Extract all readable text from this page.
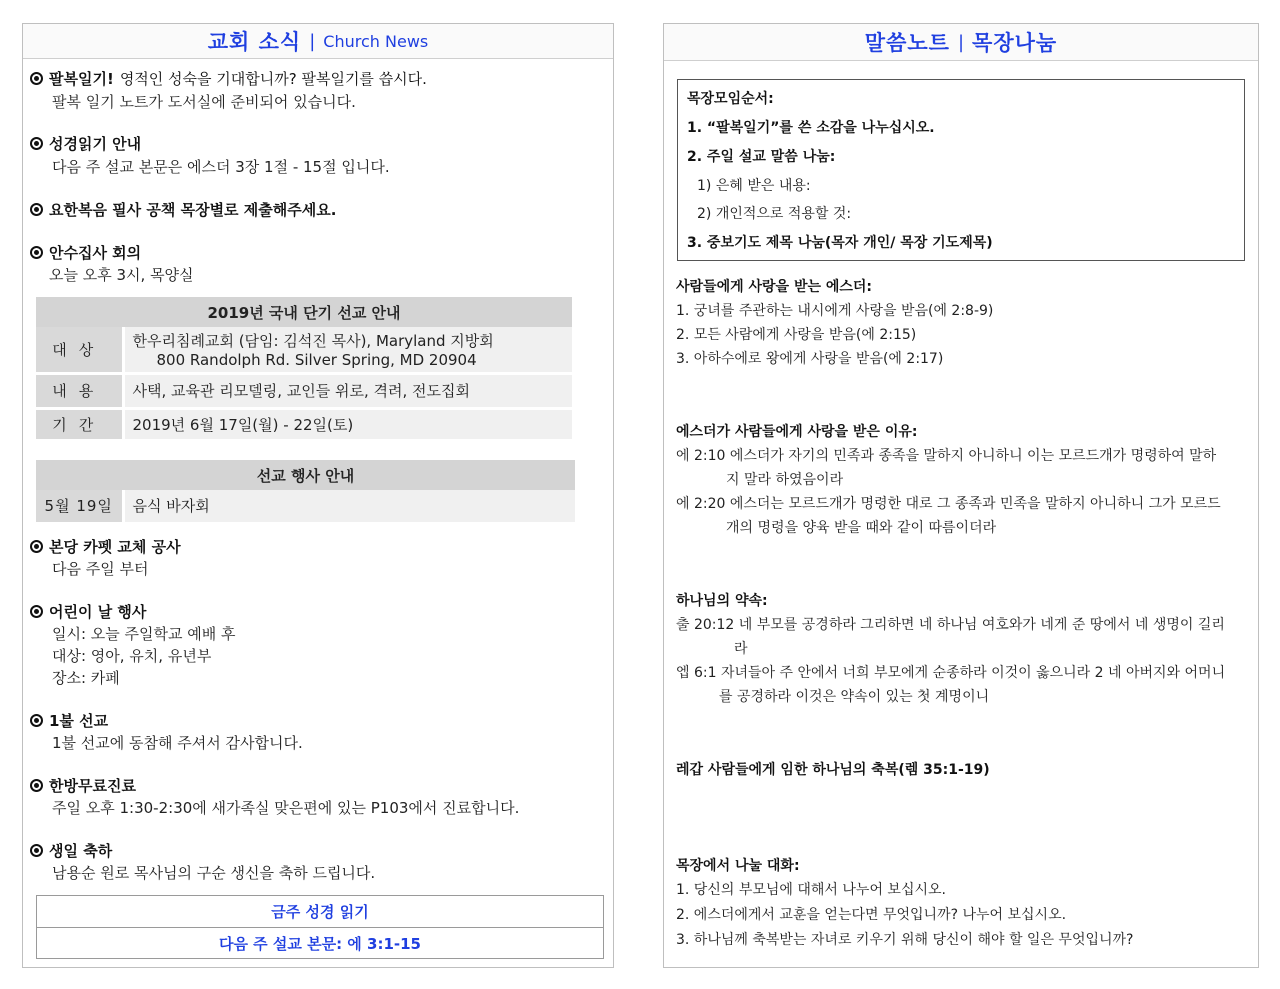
교회 소식 | Church News
팔복일기! 영적인 성숙을 기대합니까? 팔복일기를 씁시다.
팔복 일기 노트가 도서실에 준비되어 있습니다.
성경읽기 안내
다음 주 설교 본문은 에스더 3장 1절 - 15절 입니다.
요한복음 필사 공책 목장별로 제출해주세요.
안수집사 회의
오늘 오후 3시, 목양실
2019년 국내 단기 선교 안내	
대상	한우리침례교회 (담임: 김석진 목사), Maryland 지방회
800 Randolph Rd. Silver Spring, MD 20904

내용	사택, 교육관 리모델링, 교인들 위로, 격려, 전도집회
기간	2019년 6월 17일(월) - 22일(토)
선교 행사 안내
5월 19일	음식 바자회
본당 카펫 교체 공사
다음 주일 부터
어린이 날 행사
일시: 오늘 주일학교 예배 후
대상: 영아, 유치, 유년부
장소: 카페
1불 선교
1불 선교에 동참해 주셔서 감사합니다.
한방무료진료
주일 오후 1:30-2:30에 새가족실 맞은편에 있는 P103에서 진료합니다.
생일 축하
남용순 원로 목사님의 구순 생신을 축하 드립니다.
금주 성경 읽기
다음 주 설교 본문: 에 3:1-15
말씀노트 | 목장나눔
목장모임순서:
1. “팔복일기”를 쓴 소감을 나누십시오.
2. 주일 설교 말씀 나눔:
1) 은혜 받은 내용:
2) 개인적으로 적용할 것:
3. 중보기도 제목 나눔(목자 개인/ 목장 기도제목)
사람들에게 사랑을 받는 에스더:
1. 궁녀를 주관하는 내시에게 사랑을 받음(에 2:8-9)
2. 모든 사람에게 사랑을 받음(에 2:15)
3. 아하수에로 왕에게 사랑을 받음(에 2:17)
에스더가 사람들에게 사랑을 받은 이유:
에 2:10 에스더가 자기의 민족과 종족을 말하지 아니하니 이는 모르드개가 명령하여 말하
지 말라 하였음이라
에 2:20 에스더는 모르드개가 명령한 대로 그 종족과 민족을 말하지 아니하니 그가 모르드
개의 명령을 양육 받을 때와 같이 따름이더라
하나님의 약속:
출 20:12 네 부모를 공경하라 그리하면 네 하나님 여호와가 네게 준 땅에서 네 생명이 길리
라
엡 6:1 자녀들아 주 안에서 너희 부모에게 순종하라 이것이 옳으니라 2 네 아버지와 어머니
를 공경하라 이것은 약속이 있는 첫 계명이니
레갑 사람들에게 임한 하나님의 축복(렘 35:1-19)
목장에서 나눌 대화:
1. 당신의 부모님에 대해서 나누어 보십시오.
2. 에스더에게서 교훈을 얻는다면 무엇입니까? 나누어 보십시오.
3. 하나님께 축복받는 자녀로 키우기 위해 당신이 해야 할 일은 무엇입니까?
